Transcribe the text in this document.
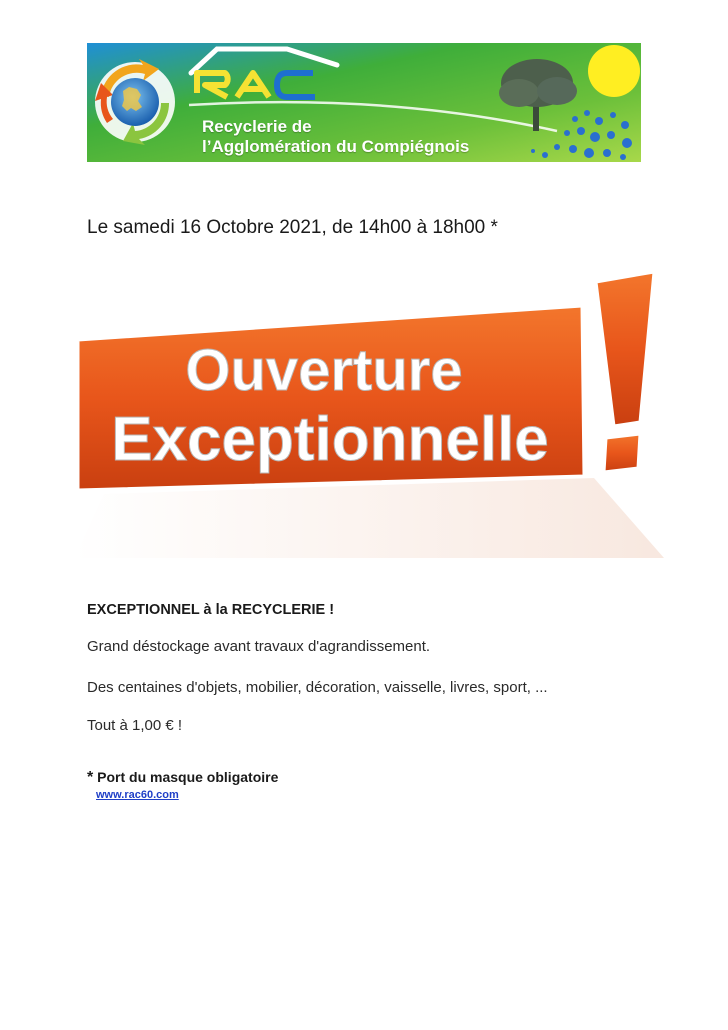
Recyclerie de
l’Agglomération du Compiégnois
Le samedi 16 Octobre 2021, de 14h00 à 18h00 *
Ouverture
Exceptionnelle

EXCEPTIONNEL à la RECYCLERIE !

Grand déstockage avant travaux d'agrandissement.

Des centaines d'objets, mobilier, décoration, vaisselle, livres, sport, ...

Tout à 1,00 € !

* Port du masque obligatoire

www.rac60.com
